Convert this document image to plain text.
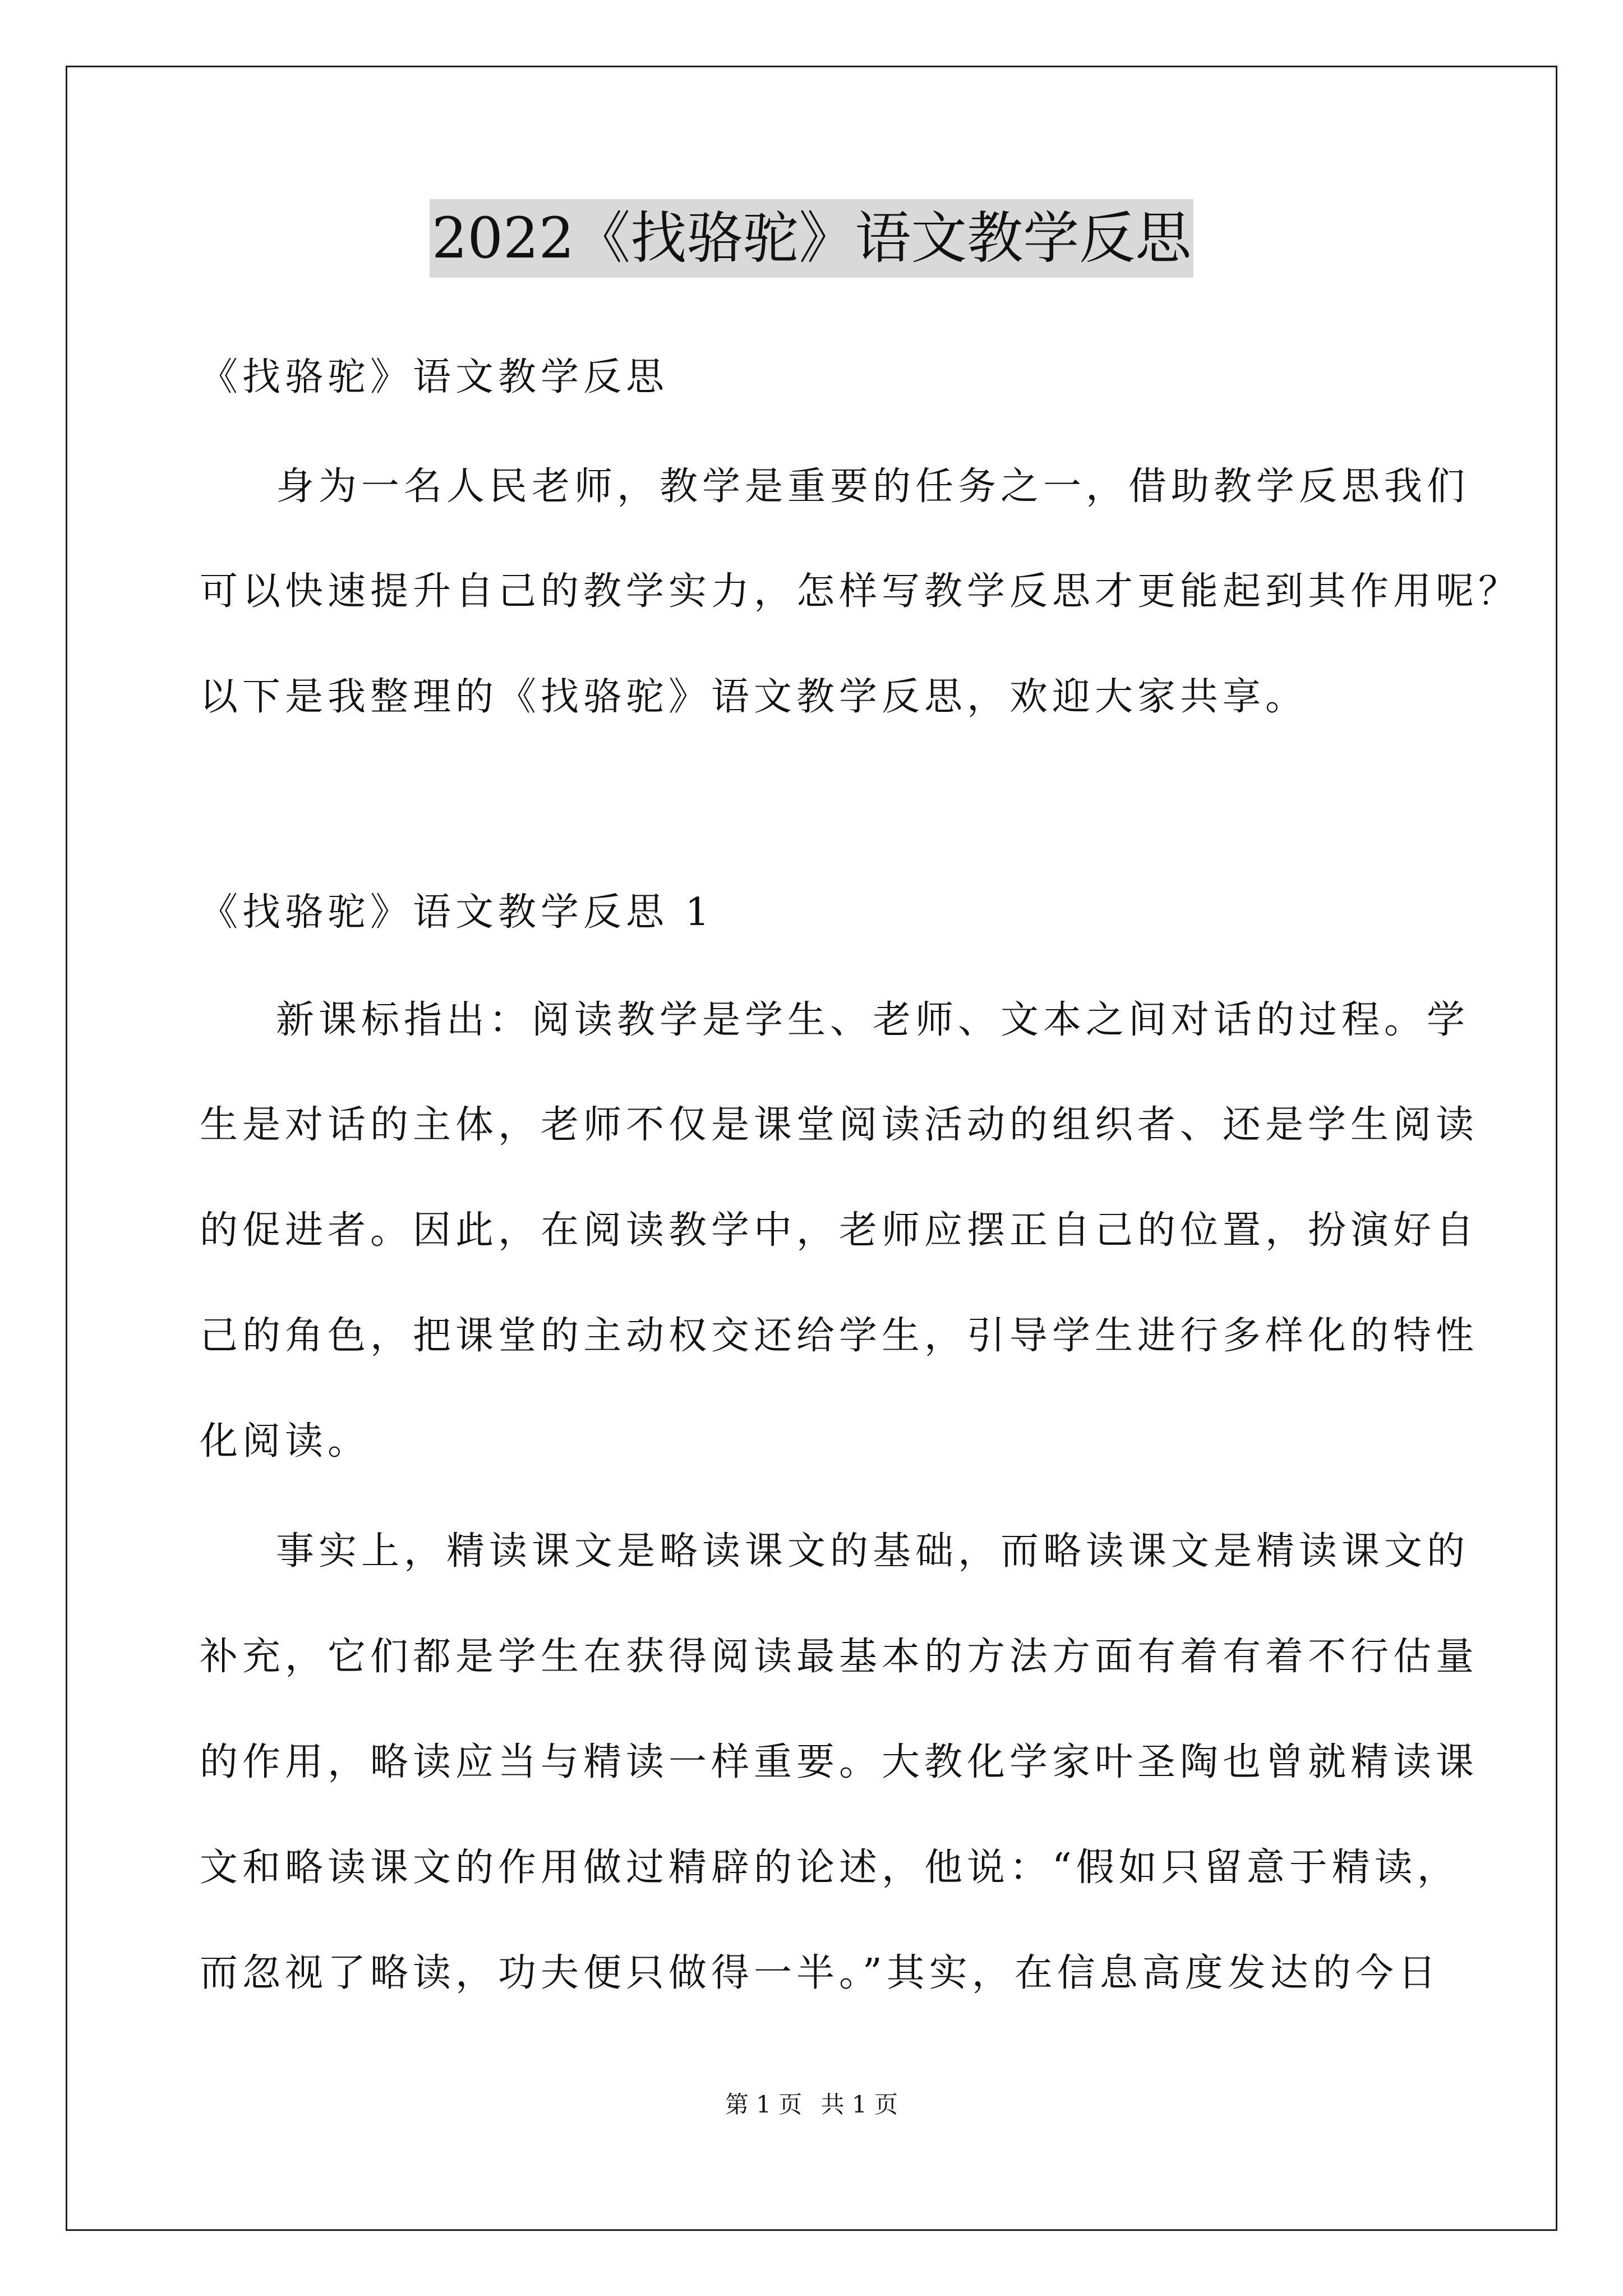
2022《找骆驼》语文教学反思
《找骆驼》语文教学反思
身为一名人民老师，教学是重要的任务之一，借助教学反思我们
可以快速提升自己的教学实力，怎样写教学反思才更能起到其作用呢？
以下是我整理的《找骆驼》语文教学反思，欢迎大家共享。
《找骆驼》语文教学反思 1
新课标指出：阅读教学是学生、老师、文本之间对话的过程。学
生是对话的主体，老师不仅是课堂阅读活动的组织者、还是学生阅读
的促进者。因此，在阅读教学中，老师应摆正自己的位置，扮演好自
己的角色，把课堂的主动权交还给学生，引导学生进行多样化的特性
化阅读。
事实上，精读课文是略读课文的基础，而略读课文是精读课文的
补充，它们都是学生在获得阅读最基本的方法方面有着有着不行估量
的作用，略读应当与精读一样重要。大教化学家叶圣陶也曾就精读课
文和略读课文的作用做过精辟的论述，他说：“假如只留意于精读，
而忽视了略读，功夫便只做得一半。”其实，在信息高度发达的今日
第 1 页 共 1 页
